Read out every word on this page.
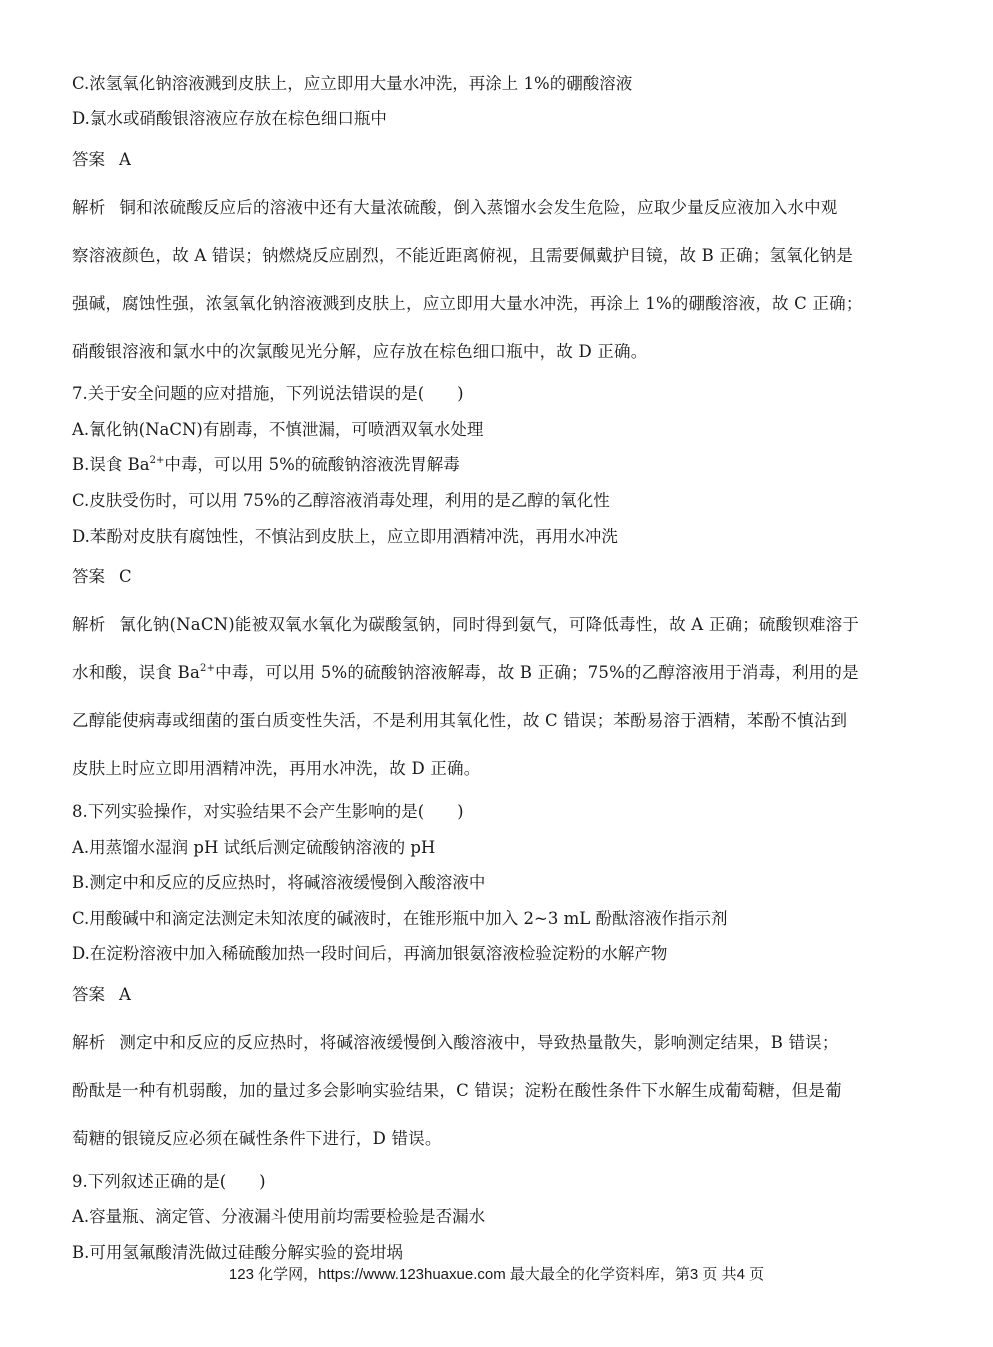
C.浓氢氧化钠溶液溅到皮肤上，应立即用大量水冲洗，再涂上 1%的硼酸溶液
D.氯水或硝酸银溶液应存放在棕色细口瓶中
答案 A
解析 铜和浓硫酸反应后的溶液中还有大量浓硫酸，倒入蒸馏水会发生危险，应取少量反应液加入水中观
察溶液颜色，故 A 错误；钠燃烧反应剧烈，不能近距离俯视，且需要佩戴护目镜，故 B 正确；氢氧化钠是
强碱，腐蚀性强，浓氢氧化钠溶液溅到皮肤上，应立即用大量水冲洗，再涂上 1%的硼酸溶液，故 C 正确；
硝酸银溶液和氯水中的次氯酸见光分解，应存放在棕色细口瓶中，故 D 正确。
7.关于安全问题的应对措施，下列说法错误的是(　　)
A.氰化钠(NaCN)有剧毒，不慎泄漏，可喷洒双氧水处理
B.误食 $Ba^{2+}$中毒，可以用 5%的硫酸钠溶液洗胃解毒
C.皮肤受伤时，可以用 75%的乙醇溶液消毒处理，利用的是乙醇的氧化性
D.苯酚对皮肤有腐蚀性，不慎沾到皮肤上，应立即用酒精冲洗，再用水冲洗
答案 C
解析 氰化钠(NaCN)能被双氧水氧化为碳酸氢钠，同时得到氨气，可降低毒性，故 A 正确；硫酸钡难溶于
水和酸，误食 $Ba^{2+}$中毒，可以用 5%的硫酸钠溶液解毒，故 B 正确；75%的乙醇溶液用于消毒，利用的是
乙醇能使病毒或细菌的蛋白质变性失活，不是利用其氧化性，故 C 错误；苯酚易溶于酒精，苯酚不慎沾到
皮肤上时应立即用酒精冲洗，再用水冲洗，故 D 正确。
8.下列实验操作，对实验结果不会产生影响的是(　　)
A.用蒸馏水湿润 pH 试纸后测定硫酸钠溶液的 pH
B.测定中和反应的反应热时，将碱溶液缓慢倒入酸溶液中
C.用酸碱中和滴定法测定未知浓度的碱液时，在锥形瓶中加入 2~3 mL 酚酞溶液作指示剂
D.在淀粉溶液中加入稀硫酸加热一段时间后，再滴加银氨溶液检验淀粉的水解产物
答案 A
解析 测定中和反应的反应热时，将碱溶液缓慢倒入酸溶液中，导致热量散失，影响测定结果，B 错误；
酚酞是一种有机弱酸，加的量过多会影响实验结果，C 错误；淀粉在酸性条件下水解生成葡萄糖，但是葡
萄糖的银镜反应必须在碱性条件下进行，D 错误。
9.下列叙述正确的是(　　)
A.容量瓶、滴定管、分液漏斗使用前均需要检验是否漏水
B.可用氢氟酸清洗做过硅酸分解实验的瓷坩埚
123 化学网，https://www.123huaxue.com 最大最全的化学资料库，第3 页 共4 页
